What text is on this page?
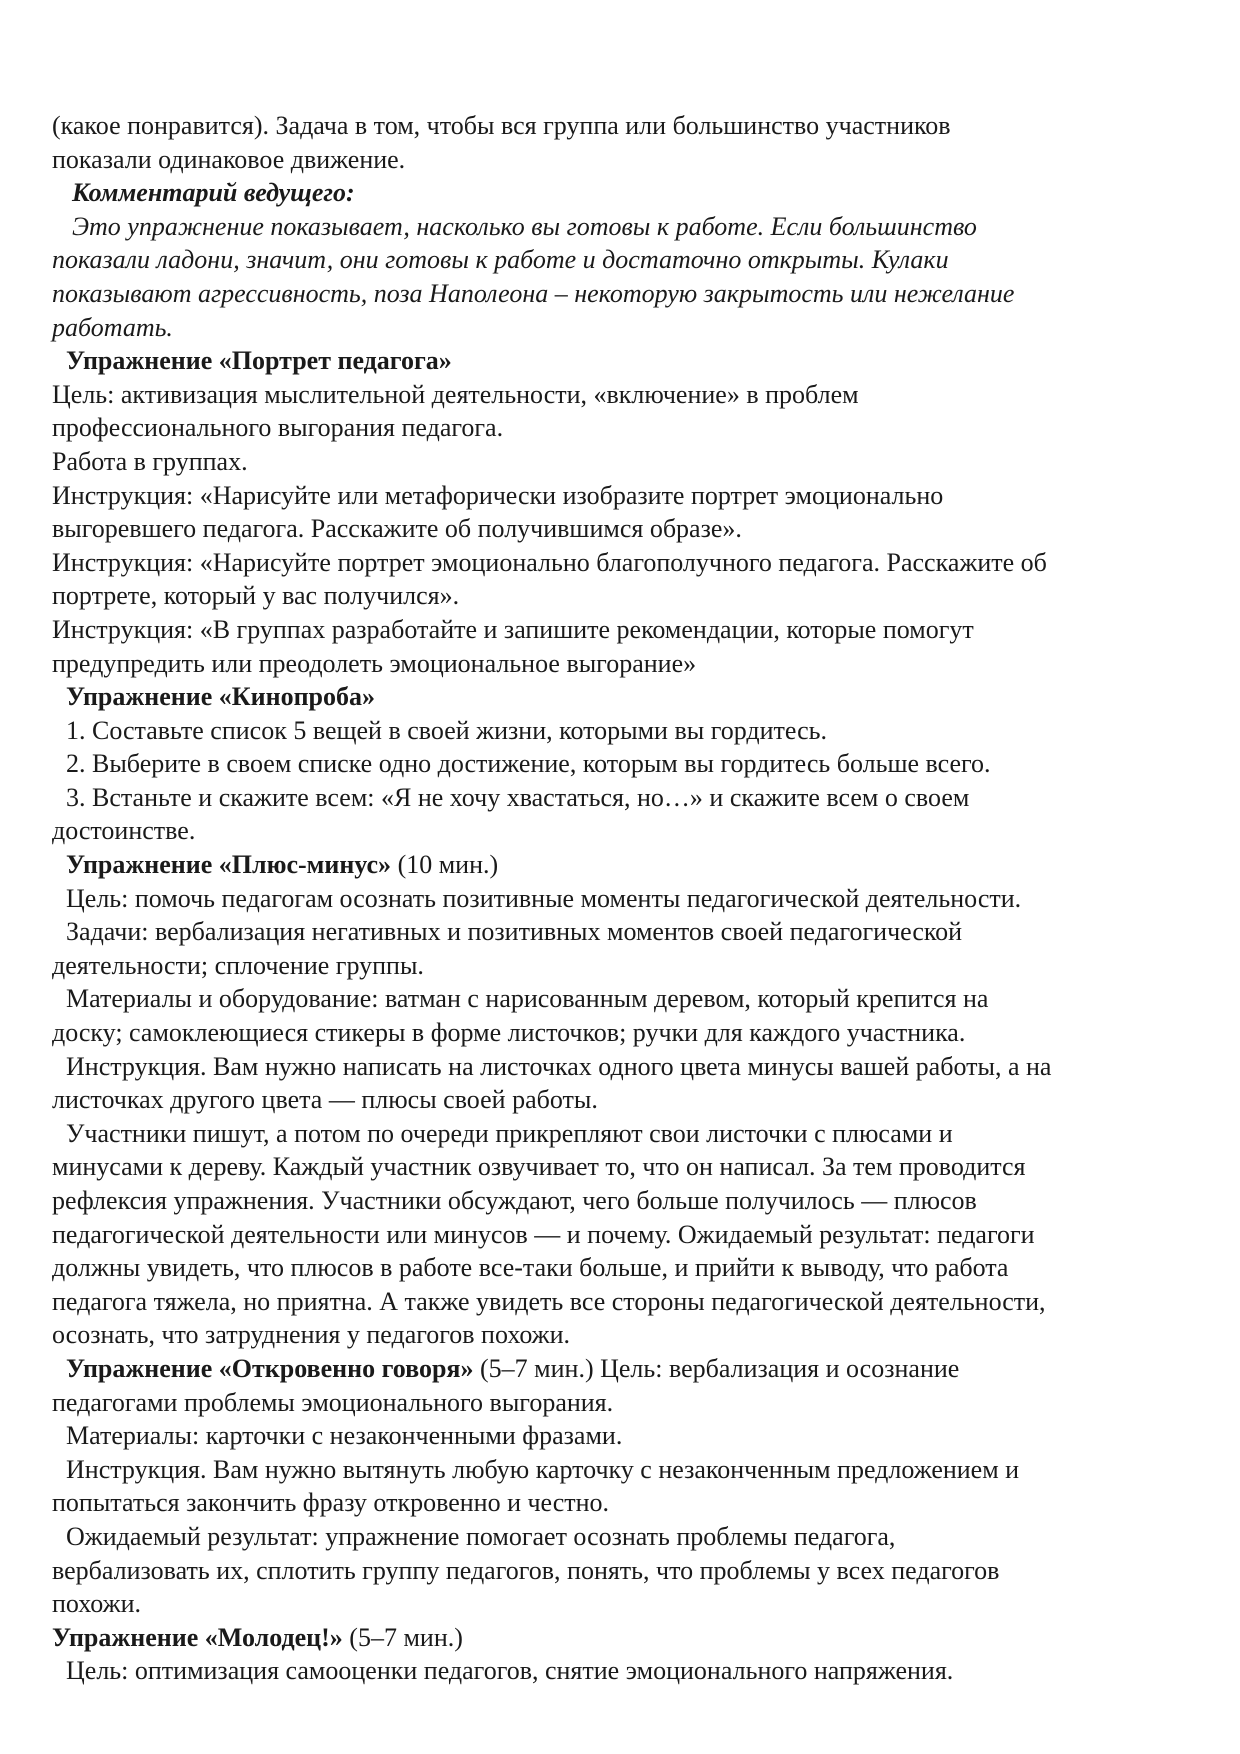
(какое понравится). Задача в том, чтобы вся группа или большинство участников
показали одинаковое движение.
Комментарий ведущего:
Это упражнение показывает, насколько вы готовы к работе. Если большинство
показали ладони, значит, они готовы к работе и достаточно открыты. Кулаки
показывают агрессивность, поза Наполеона – некоторую закрытость или нежелание
работать.
Упражнение «Портрет педагога»
Цель: активизация мыслительной деятельности, «включение» в проблем
профессионального выгорания педагога.
Работа в группах.
Инструкция: «Нарисуйте или метафорически изобразите портрет эмоционально
выгоревшего педагога. Расскажите об получившимся образе».
Инструкция: «Нарисуйте портрет эмоционально благополучного педагога. Расскажите об
портрете, который у вас получился».
Инструкция: «В группах разработайте и запишите рекомендации, которые помогут
предупредить или преодолеть эмоциональное выгорание»
Упражнение «Кинопроба»
1. Составьте список 5 вещей в своей жизни, которыми вы гордитесь.
2. Выберите в своем списке одно достижение, которым вы гордитесь больше всего.
3. Встаньте и скажите всем: «Я не хочу хвастаться, но…» и скажите всем о своем
достоинстве.
Упражнение «Плюс-минус» (10 мин.)
Цель: помочь педагогам осознать позитивные моменты педагогической деятельности.
Задачи: вербализация негативных и позитивных моментов своей педагогической
деятельности; сплочение группы.
Материалы и оборудование: ватман с нарисованным деревом, который крепится на
доску; самоклеющиеся стикеры в форме листочков; ручки для каждого участника.
Инструкция. Вам нужно написать на листочках одного цвета минусы вашей работы, а на
листочках другого цвета — плюсы своей работы.
Участники пишут, а потом по очереди прикрепляют свои листочки с плюсами и
минусами к дереву. Каждый участник озвучивает то, что он написал. За тем проводится
рефлексия упражнения. Участники обсуждают, чего больше получилось — плюсов
педагогической деятельности или минусов — и почему. Ожидаемый результат: педагоги
должны увидеть, что плюсов в работе все-таки больше, и прийти к выводу, что работа
педагога тяжела, но приятна. А также увидеть все стороны педагогической деятельности,
осознать, что затруднения у педагогов похожи.
Упражнение «Откровенно говоря» (5–7 мин.) Цель: вербализация и осознание
педагогами проблемы эмоционального выгорания.
Материалы: карточки с незаконченными фразами.
Инструкция. Вам нужно вытянуть любую карточку с незаконченным предложением и
попытаться закончить фразу откровенно и честно.
Ожидаемый результат: упражнение помогает осознать проблемы педагога,
вербализовать их, сплотить группу педагогов, понять, что проблемы у всех педагогов
похожи.
Упражнение «Молодец!» (5–7 мин.)
Цель: оптимизация самооценки педагогов, снятие эмоционального напряжения.
